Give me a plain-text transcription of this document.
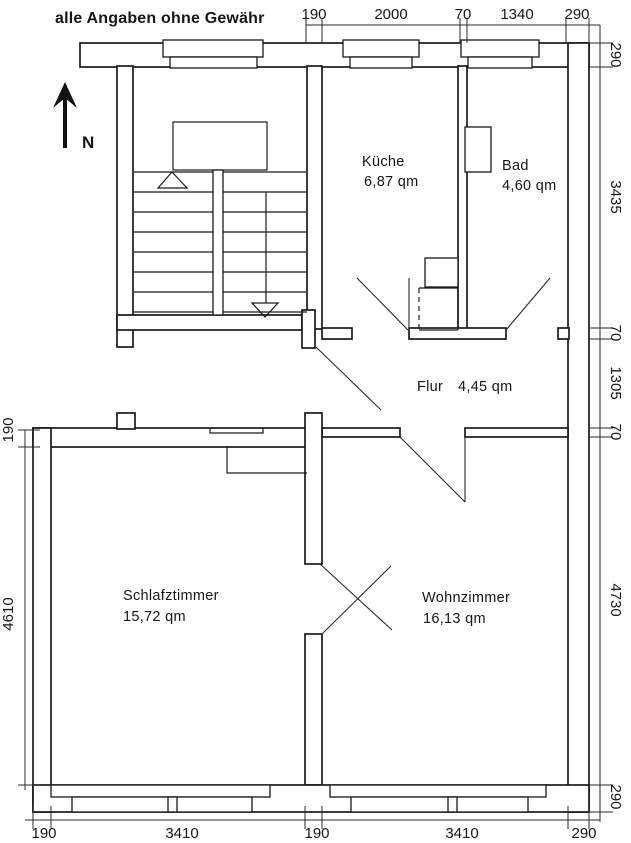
N
190	2000	70 1340 290
290
3435
70
1305
70
4730
290
190	3410	190	3410	290
190
4610
alle Angaben ohne Gewähr
Küche
6,87 qm
Bad
4,60 qm
Flur 4,45 qm
Schlafztimmer
15,72 qm
Wohnzimmer
16,13 qm
